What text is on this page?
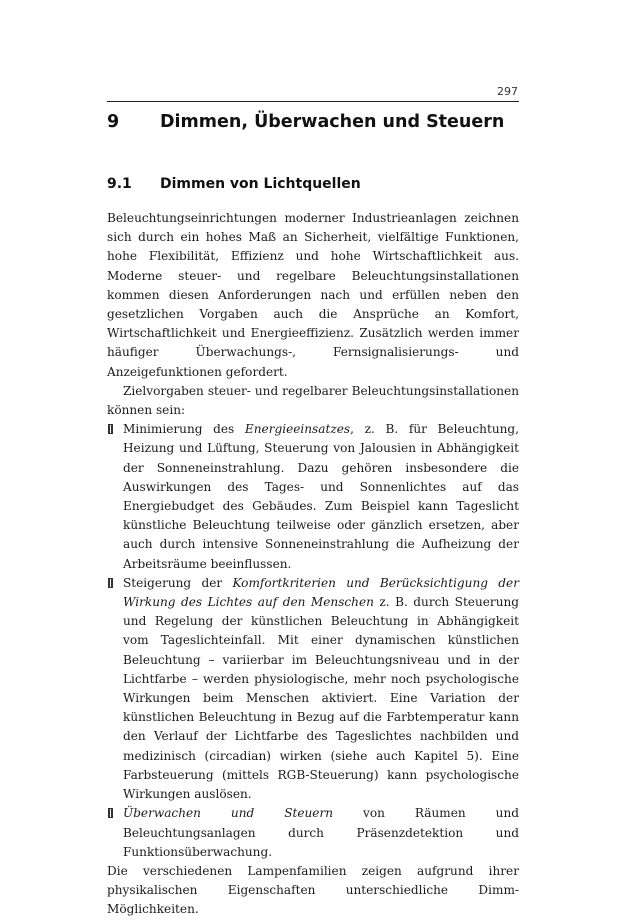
297
9 Dimmen, Überwachen und Steuern
9.1 Dimmen von Lichtquellen

Beleuchtungseinrichtungen moderner Industrieanlagen zeichnen sich durch ein hohes Maß an Sicherheit, vielfältige Funktionen, hohe Flexibilität, Effizienz und hohe Wirtschaftlichkeit aus. Moderne steuer- und regelbare Beleuchtungsinstallationen kommen diesen Anforderungen nach und erfüllen neben den gesetzlichen Vorgaben auch die Ansprüche an Komfort, Wirtschaftlichkeit und Energieeffizienz. Zusätzlich werden immer häufiger Überwachungs-, Fernsignalisierungs- und Anzeigefunktionen gefordert.

Zielvorgaben steuer- und regelbarer Beleuchtungsinstallationen können sein:

Minimierung des Energieeinsatzes, z. B. für Beleuchtung, Heizung und Lüftung, Steuerung von Jalousien in Abhängigkeit der Sonneneinstrahlung. Dazu gehören insbesondere die Auswirkungen des Tages- und Sonnenlichtes auf das Energiebudget des Gebäudes. Zum Beispiel kann Tageslicht künstliche Beleuchtung teilweise oder gänzlich ersetzen, aber auch durch intensive Sonneneinstrahlung die Aufheizung der Arbeitsräume beeinflussen.
Steigerung der Komfortkriterien und Berücksichtigung der Wirkung des Lichtes auf den Menschen z. B. durch Steuerung und Regelung der künstlichen Beleuchtung in Abhängigkeit vom Tageslichteinfall. Mit einer dynamischen künstlichen Beleuchtung – variierbar im Beleuchtungsniveau und in der Lichtfarbe – werden physiologische, mehr noch psychologische Wirkungen beim Menschen aktiviert. Eine Variation der künstlichen Beleuchtung in Bezug auf die Farbtemperatur kann den Verlauf der Lichtfarbe des Tageslichtes nachbilden und medizinisch (circadian) wirken (siehe auch Kapitel 5). Eine Farbsteuerung (mittels RGB-Steuerung) kann psychologische Wirkungen auslösen.
Überwachen und Steuern von Räumen und Beleuchtungsanlagen durch Präsenzdetektion und Funktionsüberwachung.

Die verschiedenen Lampenfamilien zeigen aufgrund ihrer physikalischen Eigenschaften unterschiedliche Dimm-Möglichkeiten.
